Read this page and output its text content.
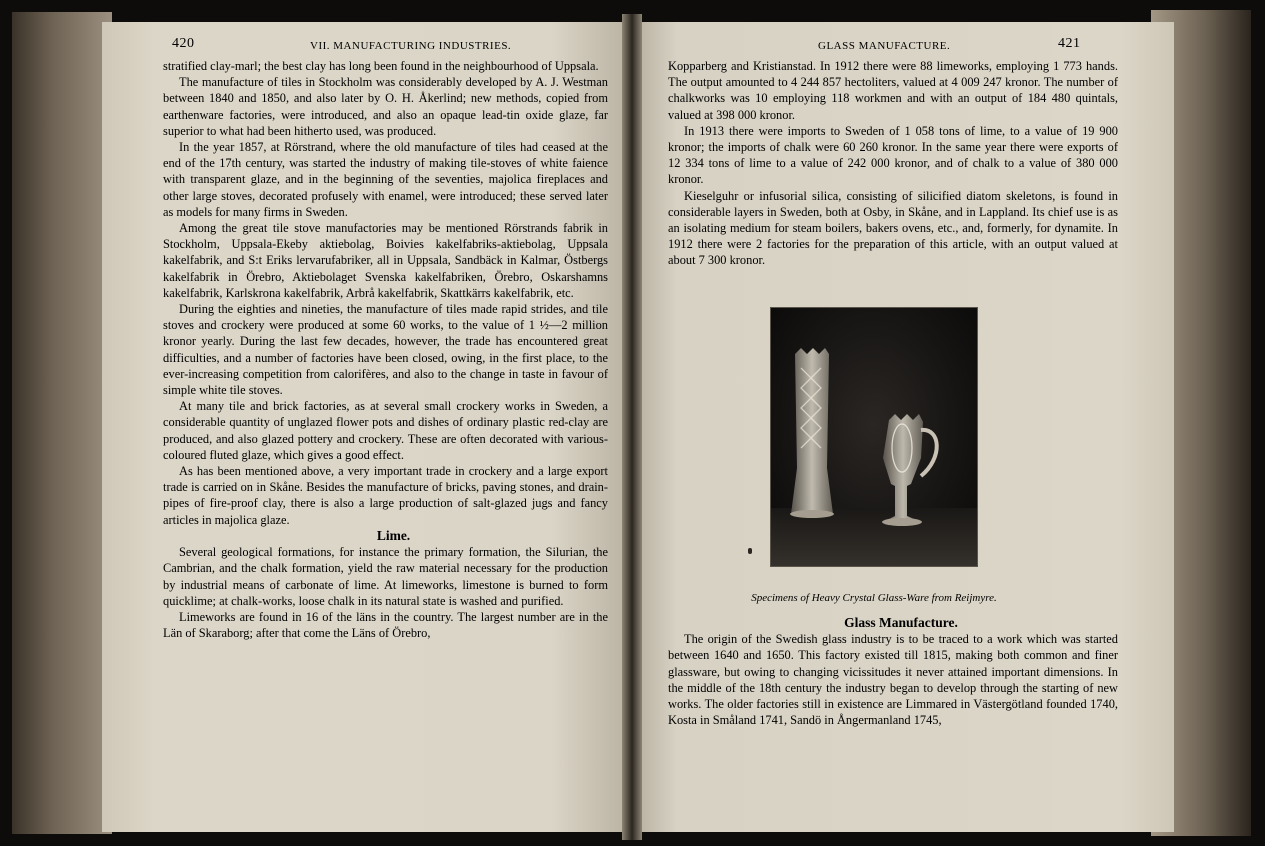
420	VII. MANUFACTURING INDUSTRIES.

stratified clay-marl; the best clay has long been found in the neighbourhood of Uppsala.

The manufacture of tiles in Stockholm was considerably developed by A. J. Westman between 1840 and 1850, and also later by O. H. Åkerlind; new methods, copied from earthenware factories, were introduced, and also an opaque lead-tin oxide glaze, far superior to what had been hitherto used, was produced.

In the year 1857, at Rörstrand, where the old manufacture of tiles had ceased at the end of the 17th century, was started the industry of making tile-stoves of white faience with transparent glaze, and in the beginning of the seventies, majolica fireplaces and other large stoves, decorated profusely with enamel, were introduced; these served later as models for many firms in Sweden.

Among the great tile stove manufactories may be mentioned Rörstrands fabrik in Stockholm, Uppsala-Ekeby aktiebolag, Boivies kakelfabriks-aktiebolag, Uppsala kakelfabrik, and S:t Eriks lervarufabriker, all in Uppsala, Sandbäck in Kalmar, Östbergs kakelfabrik in Örebro, Aktiebolaget Svenska kakelfabriken, Örebro, Oskarshamns kakelfabrik, Karlskrona kakelfabrik, Arbrå kakelfabrik, Skattkärrs kakelfabrik, etc.

During the eighties and nineties, the manufacture of tiles made rapid strides, and tile stoves and crockery were produced at some 60 works, to the value of 1 ½—2 million kronor yearly. During the last few decades, however, the trade has encountered great difficulties, and a number of factories have been closed, owing, in the first place, to the ever-increasing competition from calorifères, and also to the change in taste in favour of simple white tile stoves.

At many tile and brick factories, as at several small crockery works in Sweden, a considerable quantity of unglazed flower pots and dishes of ordinary plastic red-clay are produced, and also glazed pottery and crockery. These are often decorated with various-coloured fluted glaze, which gives a good effect.

As has been mentioned above, a very important trade in crockery and a large export trade is carried on in Skåne. Besides the manufacture of bricks, paving stones, and drain-pipes of fire-proof clay, there is also a large production of salt-glazed jugs and fancy articles in majolica glaze.

Lime.

Several geological formations, for instance the primary formation, the Silurian, the Cambrian, and the chalk formation, yield the raw material necessary for the production by industrial means of carbonate of lime. At limeworks, limestone is burned to form quicklime; at chalk-works, loose chalk in its natural state is washed and purified.

Limeworks are found in 16 of the läns in the country. The largest number are in the Län of Skaraborg; after that come the Läns of Örebro,

GLASS MANUFACTURE.	421

Kopparberg and Kristianstad. In 1912 there were 88 limeworks, employing 1 773 hands. The output amounted to 4 244 857 hectoliters, valued at 4 009 247 kronor. The number of chalkworks was 10 employing 118 workmen and with an output of 184 480 quintals, valued at 398 000 kronor.

In 1913 there were imports to Sweden of 1 058 tons of lime, to a value of 19 900 kronor; the imports of chalk were 60 260 kronor. In the same year there were exports of 12 334 tons of lime to a value of 242 000 kronor, and of chalk to a value of 380 000 kronor.

Kieselguhr or infusorial silica, consisting of silicified diatom skeletons, is found in considerable layers in Sweden, both at Osby, in Skåne, and in Lappland. Its chief use is as an isolating medium for steam boilers, bakers ovens, etc., and, formerly, for dynamite. In 1912 there were 2 factories for the preparation of this article, with an output valued at about 7 300 kronor.

Specimens of Heavy Crystal Glass-Ware from Reijmyre.

Glass Manufacture.

The origin of the Swedish glass industry is to be traced to a work which was started between 1640 and 1650. This factory existed till 1815, making both common and finer glassware, but owing to changing vicissitudes it never attained important dimensions. In the middle of the 18th century the industry began to develop through the starting of new works. The older factories still in existence are Limmared in Västergötland founded 1740, Kosta in Småland 1741, Sandö in Ångermanland 1745,
